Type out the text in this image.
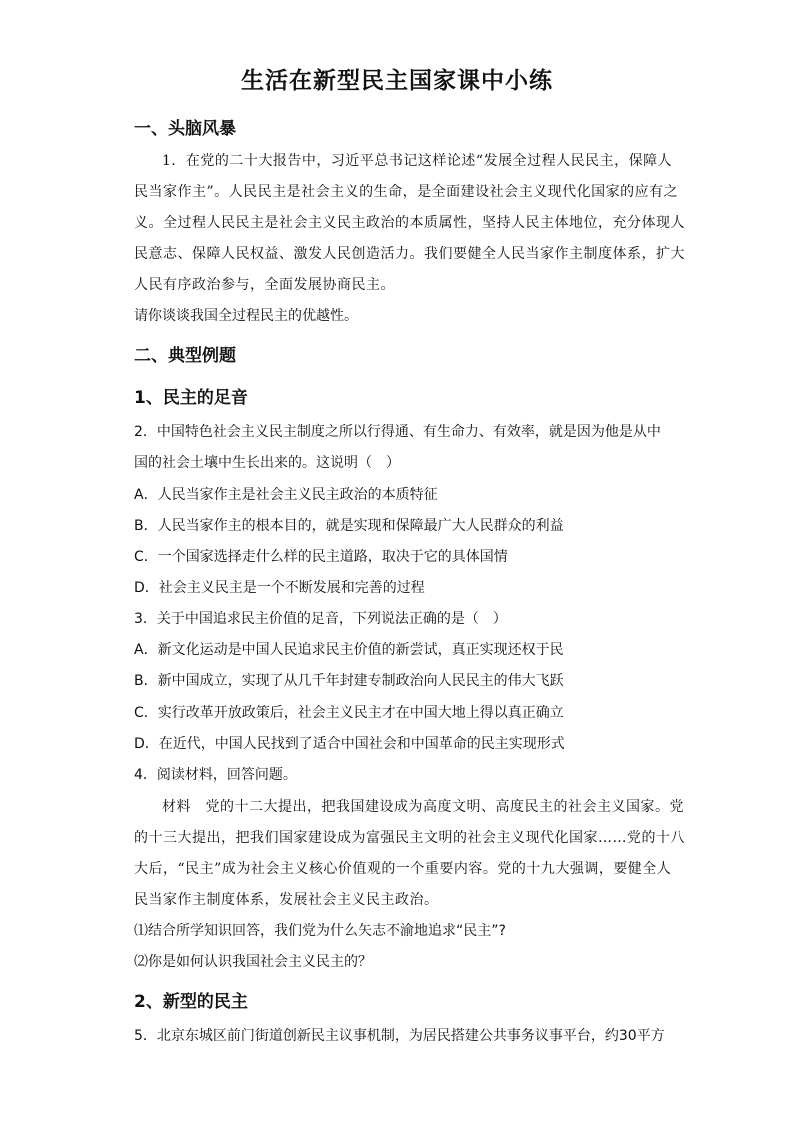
生活在新型民主国家课中小练
一、头脑风暴

1．在党的二十大报告中，习近平总书记这样论述“发展全过程人民民主，保障人

民当家作主”。人民民主是社会主义的生命，是全面建设社会主义现代化国家的应有之

义。全过程人民民主是社会主义民主政治的本质属性，坚持人民主体地位，充分体现人

民意志、保障人民权益、激发人民创造活力。我们要健全人民当家作主制度体系，扩大

人民有序政治参与，全面发展协商民主。

请你谈谈我国全过程民主的优越性。

二、典型例题
1、民主的足音

2．中国特色社会主义民主制度之所以行得通、有生命力、有效率，就是因为他是从中

国的社会土壤中生长出来的。这说明（　）

A．人民当家作主是社会主义民主政治的本质特征

B．人民当家作主的根本目的，就是实现和保障最广大人民群众的利益

C．一个国家选择走什么样的民主道路，取决于它的具体国情

D．社会主义民主是一个不断发展和完善的过程

3．关于中国追求民主价值的足音，下列说法正确的是（　）

A．新文化运动是中国人民追求民主价值的新尝试，真正实现还权于民

B．新中国成立，实现了从几千年封建专制政治向人民民主的伟大飞跃

C．实行改革开放政策后，社会主义民主才在中国大地上得以真正确立

D．在近代，中国人民找到了适合中国社会和中国革命的民主实现形式

4．阅读材料，回答问题。

材料　党的十二大提出，把我国建设成为高度文明、高度民主的社会主义国家。党

的十三大提出，把我们国家建设成为富强民主文明的社会主义现代化国家……党的十八

大后，“民主”成为社会主义核心价值观的一个重要内容。党的十九大强调，要健全人

民当家作主制度体系，发展社会主义民主政治。

⑴结合所学知识回答，我们党为什么矢志不渝地追求“民主”?

⑵你是如何认识我国社会主义民主的？

2、新型的民主

5．北京东城区前门街道创新民主议事机制，为居民搭建公共事务议事平台，约30平方
